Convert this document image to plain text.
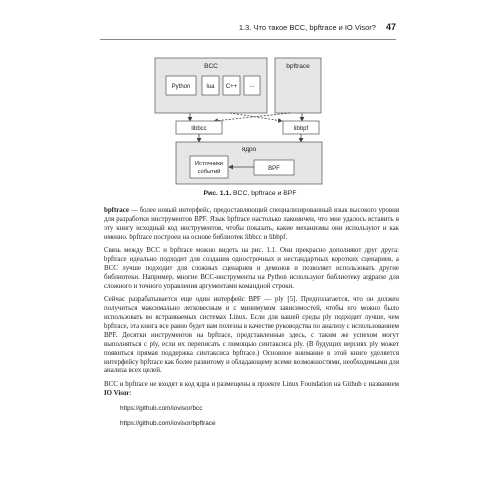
1.3. Что такое BCC, bpftrace и IO Visor? 47
BCC
Python	lua C++ ...
bpftrace
libbcc	libbpf
ядро
Источники
событий	BPF
Рис. 1.1. BCC, bpftrace и BPF

bpftrace — более новый интерфейс, предоставляющий специализированный язык высокого уровня для разработки инструментов BPF. Язык bpftrace настолько лаконичен, что мне удалось вставить в эту книгу исходный код инструментов, чтобы показать, какие механизмы они используют и как именно. bpftrace построен на основе библиотек libbcc и libbpf.

Связь между BCC и bpftrace можно видеть на рис. 1.1. Они прекрасно дополняют друг друга: bpftrace идеально подходит для создания однострочных и нестандартных коротких сценариев, а BCC лучше подходит для сложных сценариев и демонов и позволяет использовать другие библиотеки. Например, многие BCC-инструменты на Python используют библиотеку argparse для сложного и точного управления аргументами командной строки.

Сейчас разрабатывается еще один интерфейс BPF — ply [5]. Предполагается, что он должен получиться максимально легковесным и с минимумом зависимостей, чтобы его можно было использовать во встраиваемых системах Linux. Если для вашей среды ply подходит лучше, чем bpftrace, эта книга все равно будет вам полезна в качестве руководства по анализу с использованием BPF. Десятки инструментов на bpftrace, представленные здесь, с таким же успехом могут выполняться с ply, если их переписать с помощью синтаксиса ply. (В будущих версиях ply может появиться прямая поддержка синтаксиса bpftrace.) Основное внимание в этой книге уделяется интерфейсу bpftrace как более развитому и обладающему всеми возможностями, необходимыми для анализа всех целей.

BCC и bpftrace не входят в код ядра и размещены в проекте Linux Foundation на Github с названием IO Visor:

https://github.com/iovisor/bcc
https://github.com/iovisor/bpftrace
